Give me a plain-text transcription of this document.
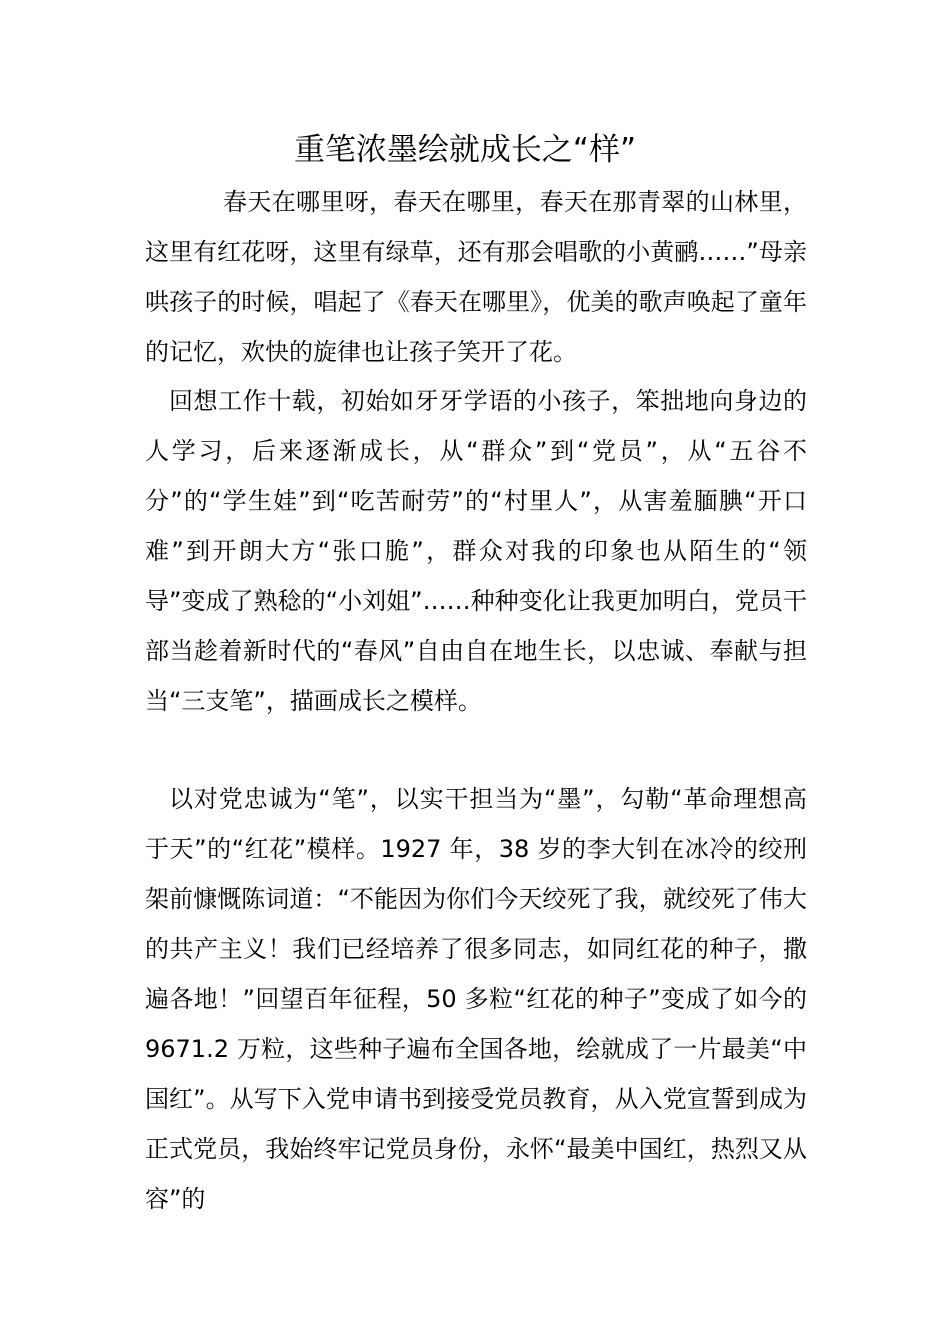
重笔浓墨绘就成长之“样”

春天在哪里呀，春天在哪里，春天在那青翠的山林里，这里有红花呀，这里有绿草，还有那会唱歌的小黄鹂……”母亲哄孩子的时候，唱起了《春天在哪里》，优美的歌声唤起了童年的记忆，欢快的旋律也让孩子笑开了花。

回想工作十载，初始如牙牙学语的小孩子，笨拙地向身边的人学习，后来逐渐成长，从“群众”到“党员”，从“五谷不分”的“学生娃”到“吃苦耐劳”的“村里人”，从害羞腼腆“开口难”到开朗大方“张口脆”，群众对我的印象也从陌生的“领导”变成了熟稔的“小刘姐”……种种变化让我更加明白，党员干部当趁着新时代的“春风”自由自在地生长，以忠诚、奉献与担当“三支笔”，描画成长之模样。

以对党忠诚为“笔”，以实干担当为“墨”，勾勒“革命理想高于天”的“红花”模样。1927 年，38 岁的李大钊在冰冷的绞刑架前慷慨陈词道：“不能因为你们今天绞死了我，就绞死了伟大的共产主义！我们已经培养了很多同志，如同红花的种子，撒遍各地！”回望百年征程，50 多粒“红花的种子”变成了如今的 9671.2 万粒，这些种子遍布全国各地，绘就成了一片最美“中国红”。从写下入党申请书到接受党员教育，从入党宣誓到成为正式党员，我始终牢记党员身份，永怀“最美中国红，热烈又从容”的
